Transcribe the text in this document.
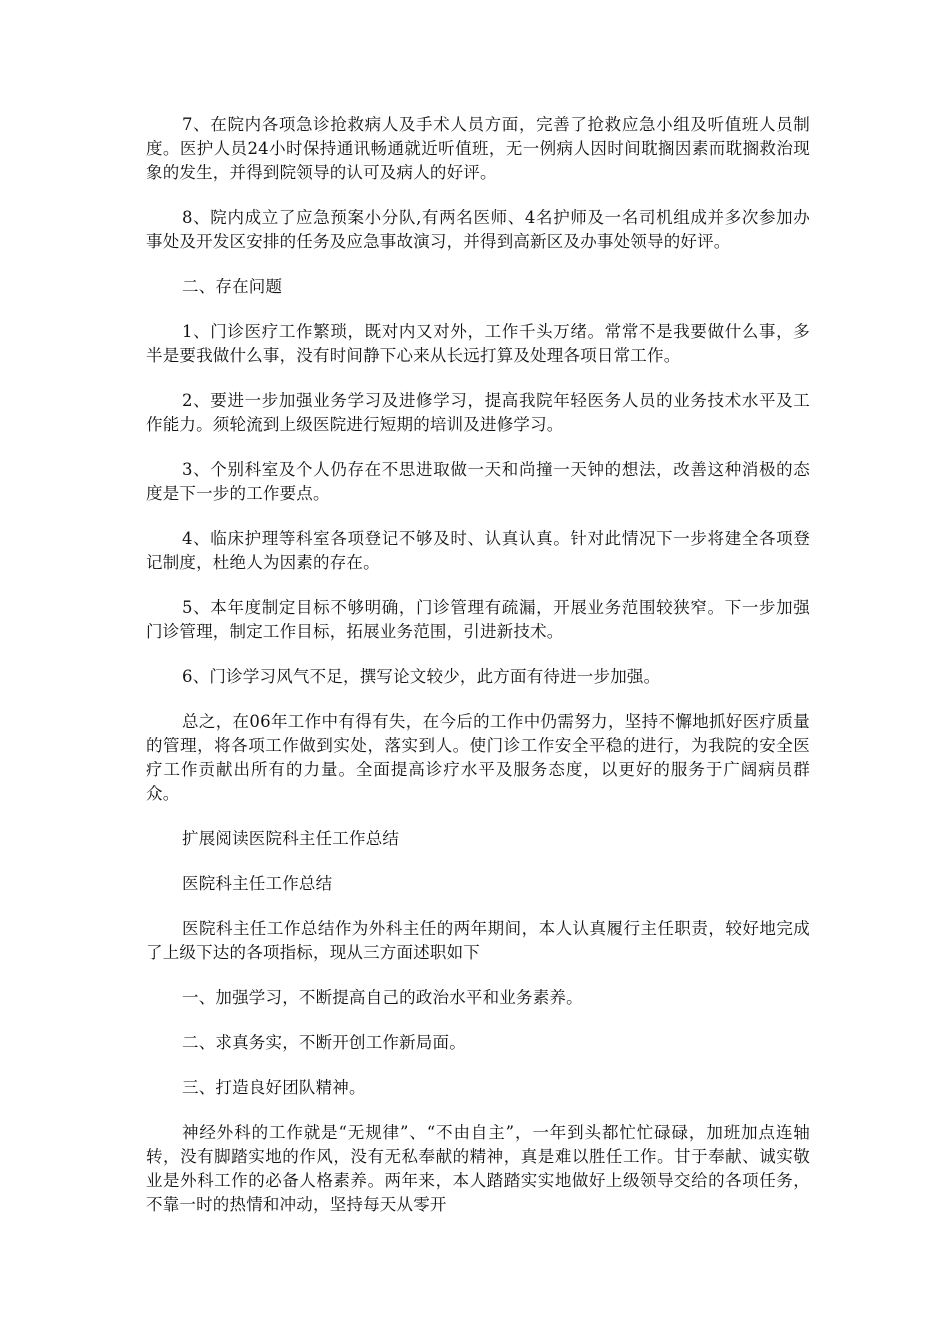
7、在院内各项急诊抢救病人及手术人员方面，完善了抢救应急小组及听值班人员制度。医护人员24小时保持通讯畅通就近听值班，无一例病人因时间耽搁因素而耽搁救治现象的发生，并得到院领导的认可及病人的好评。

8、院内成立了应急预案小分队,有两名医师、4名护师及一名司机组成并多次参加办事处及开发区安排的任务及应急事故演习，并得到高新区及办事处领导的好评。

二、存在问题

1、门诊医疗工作繁琐，既对内又对外，工作千头万绪。常常不是我要做什么事，多半是要我做什么事，没有时间静下心来从长远打算及处理各项日常工作。

2、要进一步加强业务学习及进修学习，提高我院年轻医务人员的业务技术水平及工作能力。须轮流到上级医院进行短期的培训及进修学习。

3、个别科室及个人仍存在不思进取做一天和尚撞一天钟的想法，改善这种消极的态度是下一步的工作要点。

4、临床护理等科室各项登记不够及时、认真认真。针对此情况下一步将建全各项登记制度，杜绝人为因素的存在。

5、本年度制定目标不够明确，门诊管理有疏漏，开展业务范围较狭窄。下一步加强门诊管理，制定工作目标，拓展业务范围，引进新技术。

6、门诊学习风气不足，撰写论文较少，此方面有待进一步加强。

总之，在06年工作中有得有失，在今后的工作中仍需努力，坚持不懈地抓好医疗质量的管理，将各项工作做到实处，落实到人。使门诊工作安全平稳的进行，为我院的安全医疗工作贡献出所有的力量。全面提高诊疗水平及服务态度，以更好的服务于广阔病员群众。

扩展阅读医院科主任工作总结

医院科主任工作总结

医院科主任工作总结作为外科主任的两年期间，本人认真履行主任职责，较好地完成了上级下达的各项指标，现从三方面述职如下

一、加强学习，不断提高自己的政治水平和业务素养。

二、求真务实，不断开创工作新局面。

三、打造良好团队精神。

神经外科的工作就是“无规律”、“不由自主”，一年到头都忙忙碌碌，加班加点连轴转，没有脚踏实地的作风，没有无私奉献的精神，真是难以胜任工作。甘于奉献、诚实敬业是外科工作的必备人格素养。两年来，本人踏踏实实地做好上级领导交给的各项任务，不靠一时的热情和冲动，坚持每天从零开
